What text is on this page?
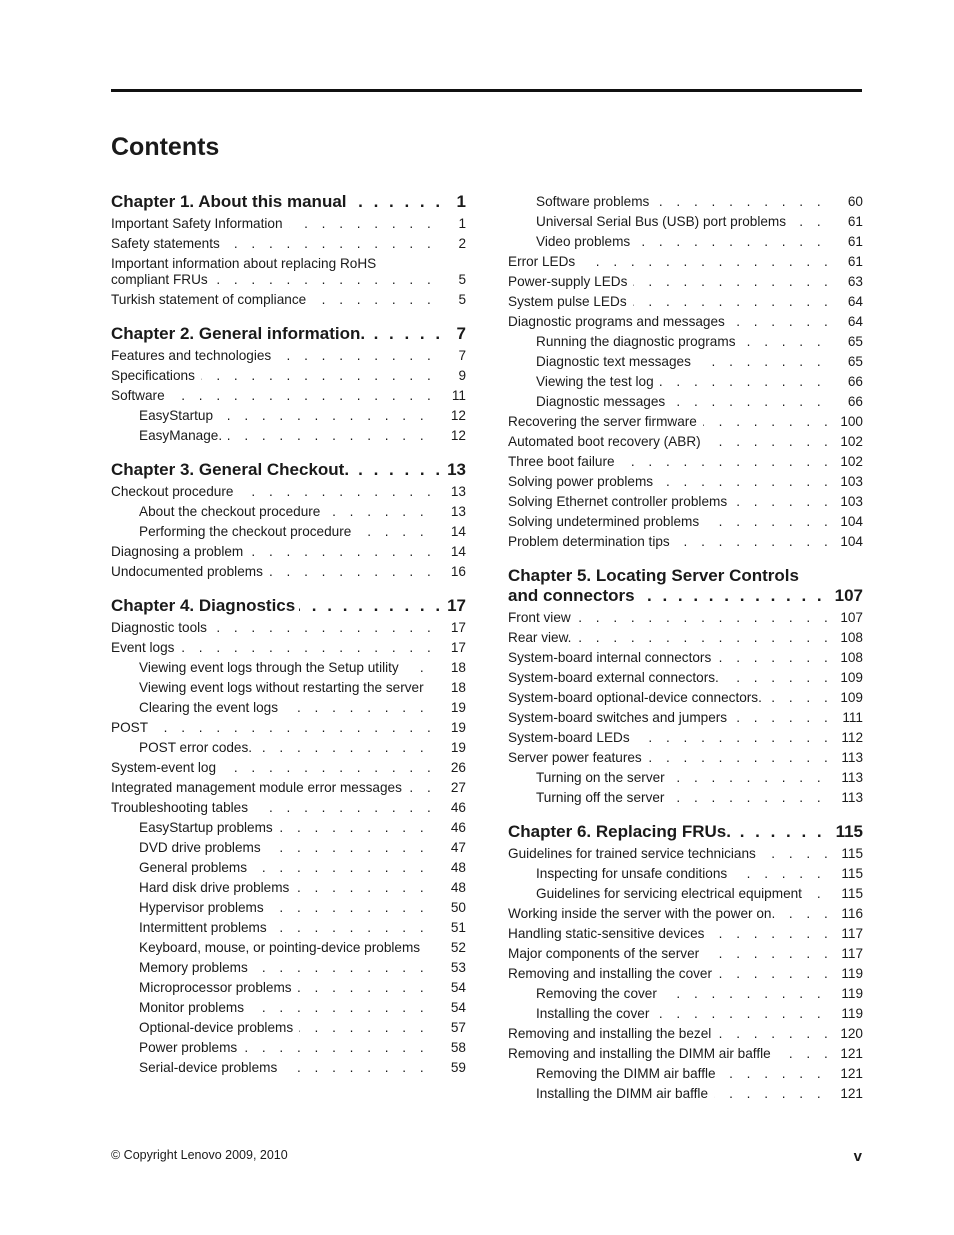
Contents
Chapter 1. About this manual . . .	1
Important Safety Information . . .	1
Safety statements . . .	2
Important information about replacing RoHS compliant FRUs . . .	5
Turkish statement of compliance . . .	5
Chapter 2. General information. . . .	7
Features and technologies . . .	7
Specifications . . .	9
Software . . .	11
EasyStartup . . .	12
EasyManage. . . .	12
Chapter 3. General Checkout. . . .	13
Checkout procedure . . .	13
About the checkout procedure . . .	13
Performing the checkout procedure . . .	14
Diagnosing a problem . . .	14
Undocumented problems . . .	16
Chapter 4. Diagnostics . . .	17
Diagnostic tools . . .	17
Event logs . . .	17
Viewing event logs through the Setup utility . . .	18
Viewing event logs without restarting the server . . .	18
Clearing the event logs . . .	19
POST . . .	19
POST error codes. . . .	19
System-event log . . .	26
Integrated management module error messages . . .	27
Troubleshooting tables . . .	46
EasyStartup problems . . .	46
DVD drive problems . . .	47
General problems . . .	48
Hard disk drive problems . . .	48
Hypervisor problems . . .	50
Intermittent problems . . .	51
Keyboard, mouse, or pointing-device problems . . .	52
Memory problems . . .	53
Microprocessor problems . . .	54
Monitor problems . . .	54
Optional-device problems . . .	57
Power problems . . .	58
Serial-device problems . . .	59
Software problems . . .	60
Universal Serial Bus (USB) port problems . . .	61
Video problems . . .	61
Error LEDs . . .	61
Power-supply LEDs . . .	63
System pulse LEDs . . .	64
Diagnostic programs and messages . . .	64
Running the diagnostic programs . . .	65
Diagnostic text messages . . .	65
Viewing the test log . . .	66
Diagnostic messages . . .	66
Recovering the server firmware . . .	100
Automated boot recovery (ABR) . . .	102
Three boot failure . . .	102
Solving power problems . . .	103
Solving Ethernet controller problems . . .	103
Solving undetermined problems . . .	104
Problem determination tips . . .	104
Chapter 5. Locating Server Controls and connectors . . .	107
Front view . . .	107
Rear view. . . .	108
System-board internal connectors . . .	108
System-board external connectors. . . .	109
System-board optional-device connectors. . . .	109
System-board switches and jumpers . . .	111
System-board LEDs . . .	112
Server power features . . .	113
Turning on the server . . .	113
Turning off the server . . .	113
Chapter 6. Replacing FRUs. . . .	115
Guidelines for trained service technicians . . .	115
Inspecting for unsafe conditions . . .	115
Guidelines for servicing electrical equipment . . .	115
Working inside the server with the power on. . . .	116
Handling static-sensitive devices . . .	117
Major components of the server . . .	117
Removing and installing the cover . . .	119
Removing the cover . . .	119
Installing the cover . . .	119
Removing and installing the bezel . . .	120
Removing and installing the DIMM air baffle . . .	121
Removing the DIMM air baffle . . .	121
Installing the DIMM air baffle . . .	121
© Copyright Lenovo 2009, 2010	v
